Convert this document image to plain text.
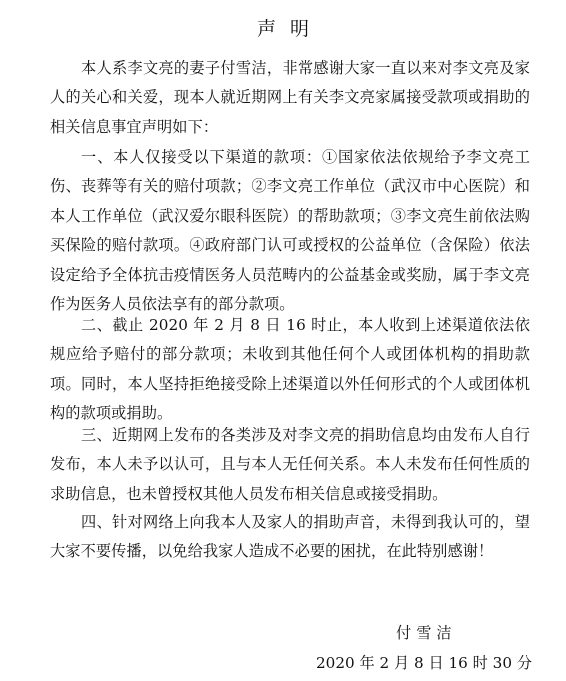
声明

本人系李文亮的妻子付雪洁，非常感谢大家一直以来对李文亮及家人的关心和关爱，现本人就近期网上有关李文亮家属接受款项或捐助的相关信息事宜声明如下：

一、本人仅接受以下渠道的款项：①国家依法依规给予李文亮工伤、丧葬等有关的赔付项款；②李文亮工作单位（武汉市中心医院）和本人工作单位（武汉爱尔眼科医院）的帮助款项；③李文亮生前依法购买保险的赔付款项。④政府部门认可或授权的公益单位（含保险）依法设定给予全体抗击疫情医务人员范畴内的公益基金或奖励，属于李文亮作为医务人员依法享有的部分款项。

二、截止 2020 年 2 月 8 日 16 时止，本人收到上述渠道依法依规应给予赔付的部分款项；未收到其他任何个人或团体机构的捐助款项。同时，本人坚持拒绝接受除上述渠道以外任何形式的个人或团体机构的款项或捐助。

三、近期网上发布的各类涉及对李文亮的捐助信息均由发布人自行发布，本人未予以认可，且与本人无任何关系。本人未发布任何性质的求助信息，也未曾授权其他人员发布相关信息或接受捐助。

四、针对网络上向我本人及家人的捐助声音，未得到我认可的，望大家不要传播，以免给我家人造成不必要的困扰，在此特别感谢！

付雪洁
2020 年 2 月 8 日 16 时 30 分
